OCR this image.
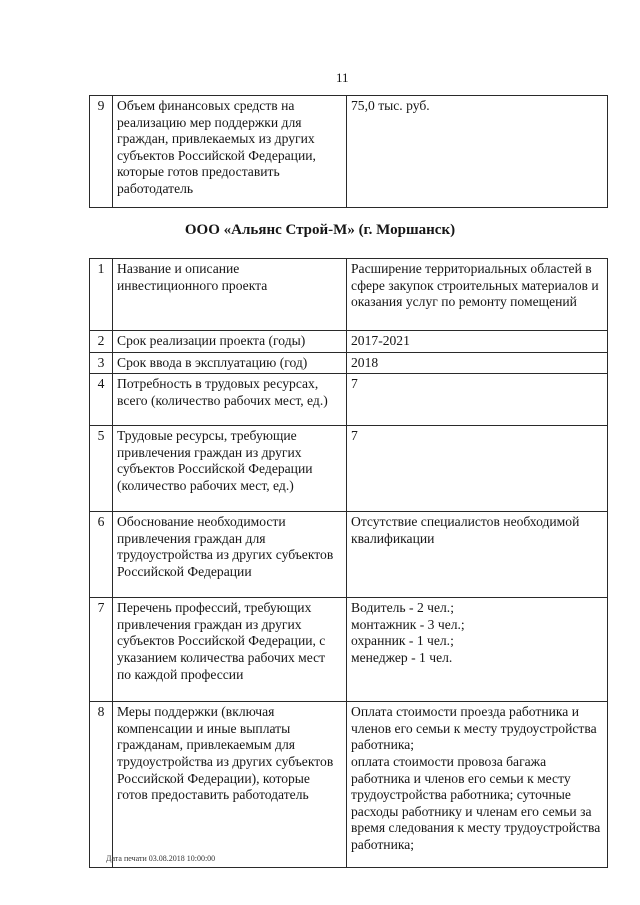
11
9	Объем финансовых средств на реализацию мер поддержки для граждан, привлекаемых из других субъектов Российской Федерации, которые готов предоставить работодатель	75,0 тыс. руб.
ООО «Альянс Строй-М» (г. Моршанск)
1	Название и описание инвестиционного проекта	Расширение территориальных областей в сфере закупок строительных материалов и оказания услуг по ремонту помещений
2	Срок реализации проекта (годы)	2017-2021
3	Срок ввода в эксплуатацию (год)	2018
4	Потребность в трудовых ресурсах, всего (количество рабочих мест, ед.)	7
5	Трудовые ресурсы, требующие привлечения граждан из других субъектов Российской Федерации (количество рабочих мест, ед.)	7
6	Обоснование необходимости привлечения граждан для трудоустройства из других субъектов Российской Федерации	Отсутствие специалистов необходимой квалификации
7	Перечень профессий, требующих привлечения граждан из других субъектов Российской Федерации, с указанием количества рабочих мест по каждой профессии	Водитель - 2 чел.;
монтажник - 3 чел.;
охранник - 1 чел.;
менеджер - 1 чел.
8	Меры поддержки (включая компенсации и иные выплаты гражданам, привлекаемым для трудоустройства из других субъектов Российской Федерации), которые готов предоставить работодатель	Оплата стоимости проезда работника и членов его семьи к месту трудоустройства работника;
оплата стоимости провоза багажа работника и членов его семьи к месту трудоустройства работника; суточные расходы работнику и членам его семьи за время следования к месту трудоустройства работника;
Дата печати 03.08.2018 10:00:00
